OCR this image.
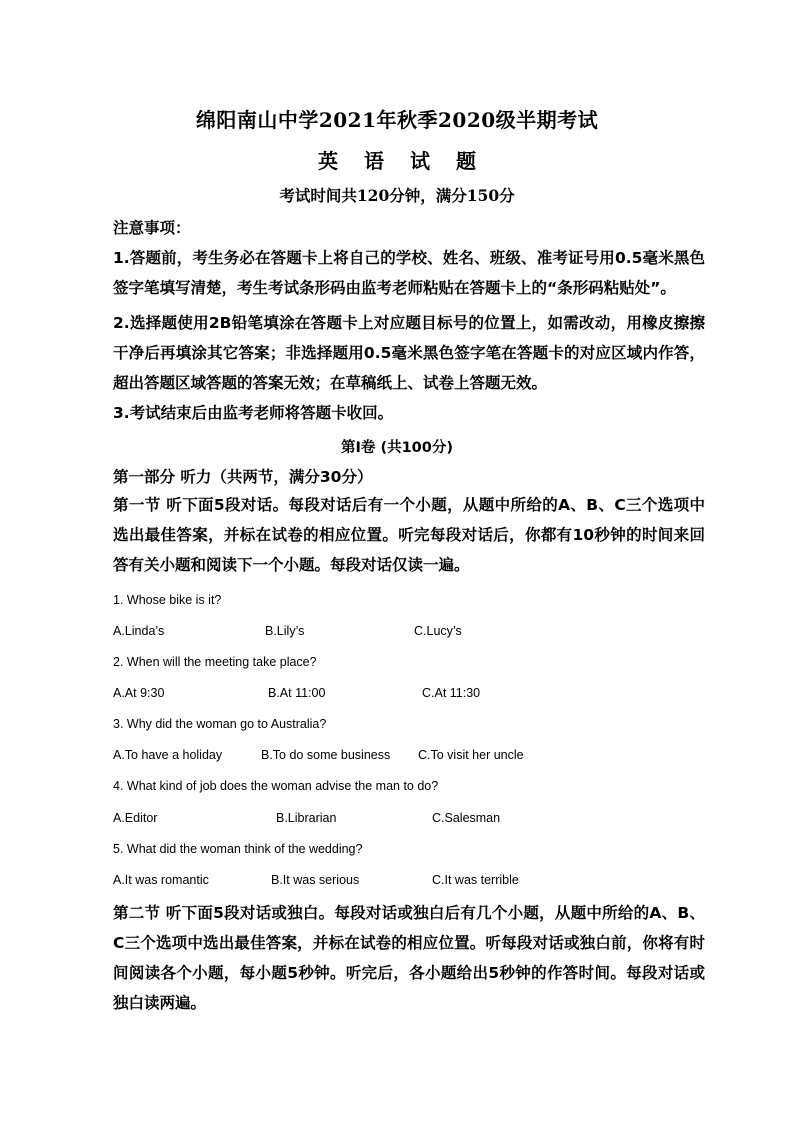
绵阳南山中学2021年秋季2020级半期考试
英语试题
考试时间共120分钟，满分150分
注意事项：
1.答题前，考生务必在答题卡上将自己的学校、姓名、班级、准考证号用0.5毫米黑色签字笔填写清楚，考生考试条形码由监考老师粘贴在答题卡上的“条形码粘贴处”。
2.选择题使用2B铅笔填涂在答题卡上对应题目标号的位置上，如需改动，用橡皮擦擦干净后再填涂其它答案；非选择题用0.5毫米黑色签字笔在答题卡的对应区域内作答，超出答题区域答题的答案无效；在草稿纸上、试卷上答题无效。
3.考试结束后由监考老师将答题卡收回。
第Ⅰ卷 (共100分)
第一部分 听力（共两节，满分30分）
第一节 听下面5段对话。每段对话后有一个小题，从题中所给的A、B、C三个选项中选出最佳答案，并标在试卷的相应位置。听完每段对话后，你都有10秒钟的时间来回答有关小题和阅读下一个小题。每段对话仅读一遍。
1. Whose bike is it?
A.Linda’s	B.Lily’s	C.Lucy’s
2. When will the meeting take place?
A.At 9:30	B.At 11:00	C.At 11:30
3. Why did the woman go to Australia?
A.To have a holiday	B.To do some business C.To visit her uncle
4. What kind of job does the woman advise the man to do?
A.Editor	B.Librarian	C.Salesman
5. What did the woman think of the wedding?
A.It was romantic	B.It was serious	C.It was terrible
第二节 听下面5段对话或独白。每段对话或独白后有几个小题，从题中所给的A、B、C三个选项中选出最佳答案，并标在试卷的相应位置。听每段对话或独白前，你将有时间阅读各个小题，每小题5秒钟。听完后，各小题给出5秒钟的作答时间。每段对话或独白读两遍。
